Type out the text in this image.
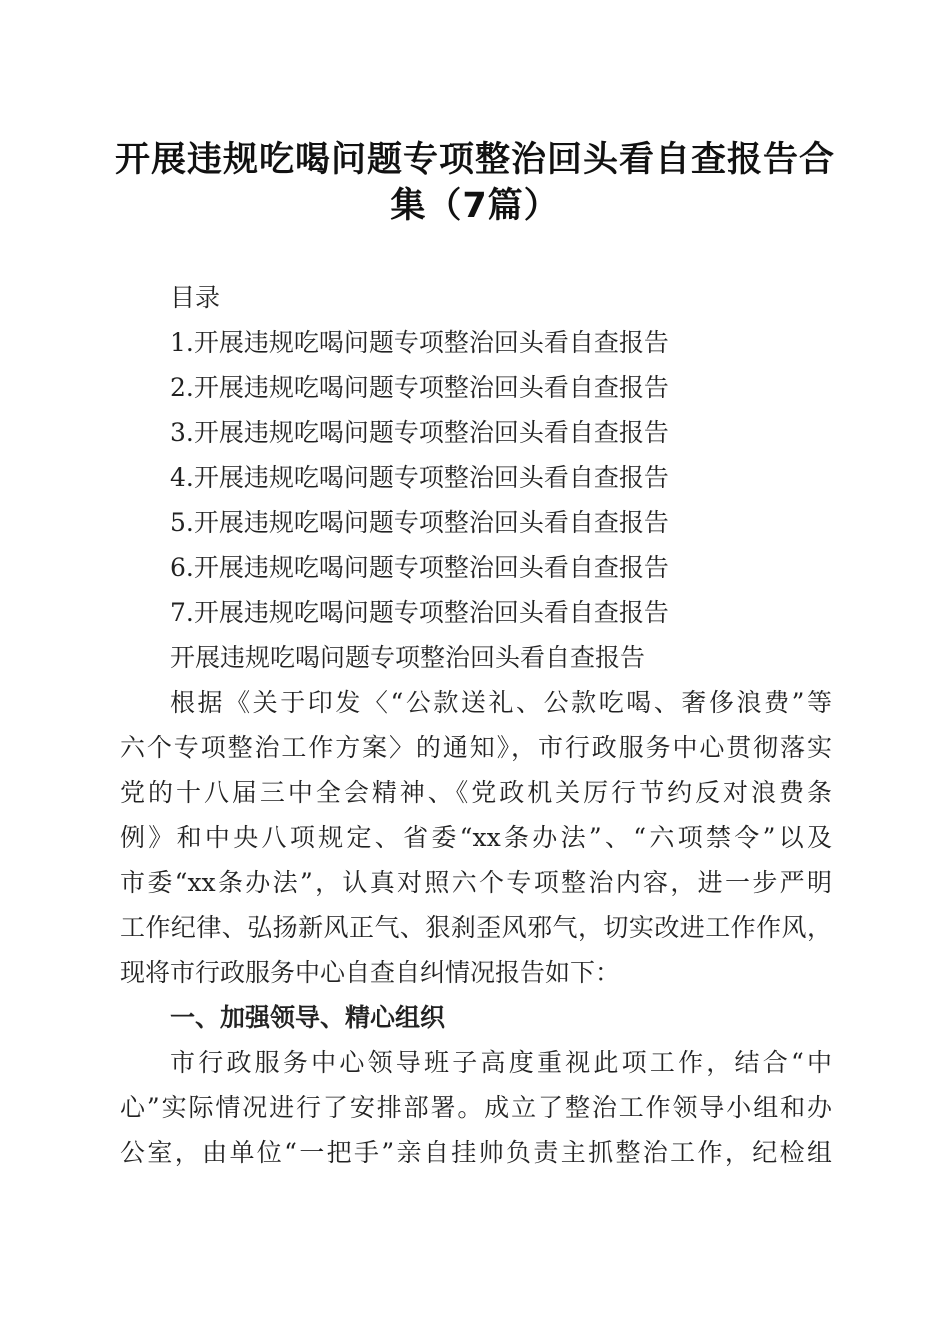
开展违规吃喝问题专项整治回头看自查报告合
集（7篇）
目录
1.开展违规吃喝问题专项整治回头看自查报告
2.开展违规吃喝问题专项整治回头看自查报告
3.开展违规吃喝问题专项整治回头看自查报告
4.开展违规吃喝问题专项整治回头看自查报告
5.开展违规吃喝问题专项整治回头看自查报告
6.开展违规吃喝问题专项整治回头看自查报告
7.开展违规吃喝问题专项整治回头看自查报告
开展违规吃喝问题专项整治回头看自查报告
根据《关于印发〈“公款送礼、公款吃喝、奢侈浪费”等
六个专项整治工作方案〉的通知》，市行政服务中心贯彻落实
党的十八届三中全会精神、《党政机关厉行节约反对浪费条
例》和中央八项规定、省委“xx条办法”、“六项禁令”以及
市委“xx条办法”，认真对照六个专项整治内容，进一步严明
工作纪律、弘扬新风正气、狠刹歪风邪气，切实改进工作作风，
现将市行政服务中心自查自纠情况报告如下：
一、加强领导、精心组织
市行政服务中心领导班子高度重视此项工作，结合“中
心”实际情况进行了安排部署。成立了整治工作领导小组和办
公室，由单位“一把手”亲自挂帅负责主抓整治工作，纪检组
